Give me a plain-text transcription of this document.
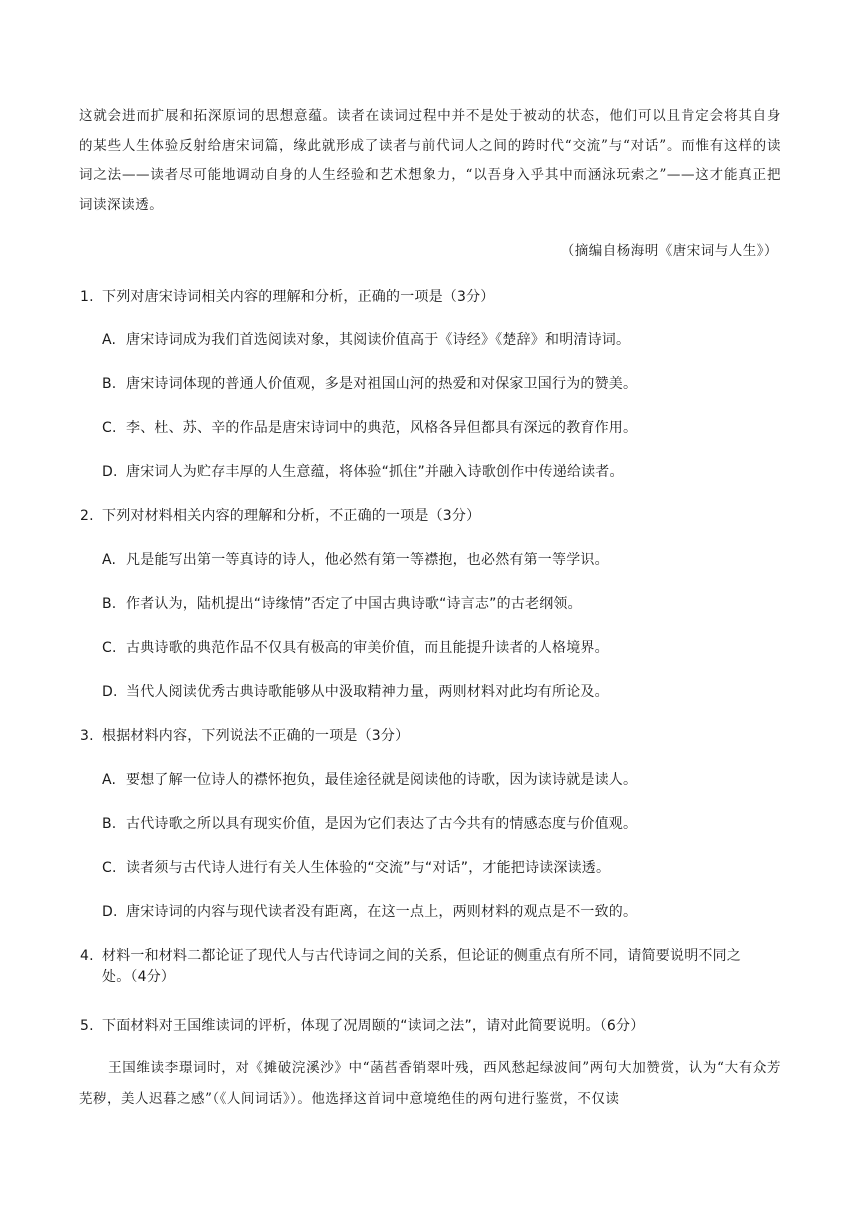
这就会进而扩展和拓深原词的思想意蕴。读者在读词过程中并不是处于被动的状态，他们可以且肯定会将其自身的某些人生体验反射给唐宋词篇，缘此就形成了读者与前代词人之间的跨时代“交流”与“对话”。而惟有这样的读词之法——读者尽可能地调动自身的人生经验和艺术想象力，“以吾身入乎其中而涵泳玩索之”——这才能真正把词读深读透。
（摘编自杨海明《唐宋词与人生》）
1. 下列对唐宋诗词相关内容的理解和分析，正确的一项是（3分）
A. 唐宋诗词成为我们首选阅读对象，其阅读价值高于《诗经》《楚辞》和明清诗词。
B. 唐宋诗词体现的普通人价值观，多是对祖国山河的热爱和对保家卫国行为的赞美。
C. 李、杜、苏、辛的作品是唐宋诗词中的典范，风格各异但都具有深远的教育作用。
D. 唐宋词人为贮存丰厚的人生意蕴，将体验“抓住”并融入诗歌创作中传递给读者。
2. 下列对材料相关内容的理解和分析，不正确的一项是（3分）
A. 凡是能写出第一等真诗的诗人，他必然有第一等襟抱，也必然有第一等学识。
B. 作者认为，陆机提出“诗缘情”否定了中国古典诗歌“诗言志”的古老纲领。
C. 古典诗歌的典范作品不仅具有极高的审美价值，而且能提升读者的人格境界。
D. 当代人阅读优秀古典诗歌能够从中汲取精神力量，两则材料对此均有所论及。
3. 根据材料内容，下列说法不正确的一项是（3分）
A. 要想了解一位诗人的襟怀抱负，最佳途径就是阅读他的诗歌，因为读诗就是读人。
B. 古代诗歌之所以具有现实价值，是因为它们表达了古今共有的情感态度与价值观。
C. 读者须与古代诗人进行有关人生体验的“交流”与“对话”，才能把诗读深读透。
D. 唐宋诗词的内容与现代读者没有距离，在这一点上，两则材料的观点是不一致的。
4. 材料一和材料二都论证了现代人与古代诗词之间的关系，但论证的侧重点有所不同，请简要说明不同之
处。（4分）
5. 下面材料对王国维读词的评析，体现了况周颐的“读词之法”，请对此简要说明。（6分）
王国维读李璟词时，对《摊破浣溪沙》中“菡萏香销翠叶残，西风愁起绿波间”两句大加赞赏，认为“大有众芳芜秽，美人迟暮之感”（《人间词话》）。他选择这首词中意境绝佳的两句进行鉴赏，不仅读
